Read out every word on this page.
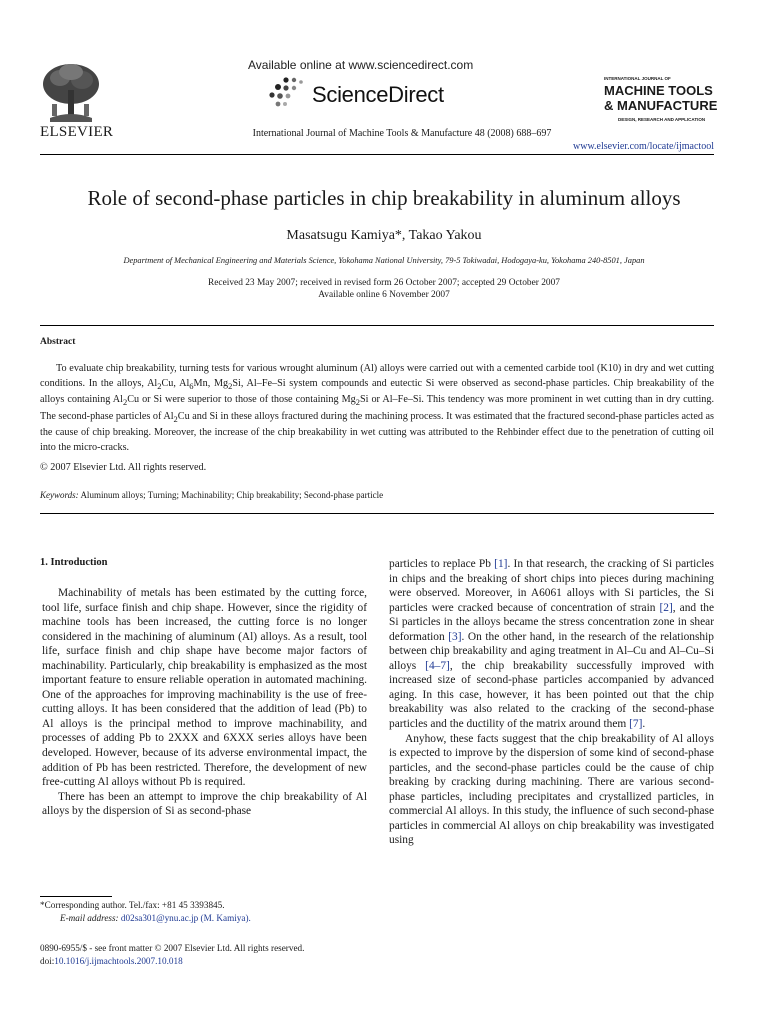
Available online at www.sciencedirect.com
ScienceDirect
ELSEVIER	International Journal of Machine Tools & Manufacture 48 (2008) 688–697
INTERNATIONAL JOURNAL OF
MACHINE TOOLS
& MANUFACTURE
DESIGN, RESEARCH AND APPLICATION
www.elsevier.com/locate/ijmactool
Role of second-phase particles in chip breakability in aluminum alloys
Masatsugu Kamiya*, Takao Yakou
Department of Mechanical Engineering and Materials Science, Yokohama National University, 79-5 Tokiwadai, Hodogaya-ku, Yokohama 240-8501, Japan
Received 23 May 2007; received in revised form 26 October 2007; accepted 29 October 2007
Available online 6 November 2007
Abstract

To evaluate chip breakability, turning tests for various wrought aluminum (Al) alloys were carried out with a cemented carbide tool (K10) in dry and wet cutting conditions. In the alloys, $Al_2Cu$, $Al_6Mn$, $Mg_2Si$, Al–Fe–Si system compounds and eutectic Si were observed as second-phase particles. Chip breakability of the alloys containing $Al_2Cu$ or Si were superior to those of those containing $Mg_2Si$ or Al–Fe–Si. This tendency was more prominent in wet cutting than in dry cutting. The second-phase particles of $Al_2Cu$ and Si in these alloys fractured during the machining process. It was estimated that the fractured second-phase particles acted as the cause of chip breaking. Moreover, the increase of the chip breakability in wet cutting was attributed to the Rehbinder effect due to the penetration of cutting oil into the micro-cracks.

© 2007 Elsevier Ltd. All rights reserved.
Keywords: Aluminum alloys; Turning; Machinability; Chip breakability; Second-phase particle
1. Introduction

Machinability of metals has been estimated by the cutting force, tool life, surface finish and chip shape. However, since the rigidity of machine tools has been increased, the cutting force is no longer considered in the machining of aluminum (Al) alloys. As a result, tool life, surface finish and chip shape have become major factors of machinability. Particularly, chip breakability is emphasized as the most important feature to ensure reliable operation in automated machining. One of the approaches for improving machinability is the use of free-cutting alloys. It has been considered that the addition of lead (Pb) to Al alloys is the principal method to improve machinability, and processes of adding Pb to 2XXX and 6XXX series alloys have been developed. However, because of its adverse environmental impact, the addition of Pb has been restricted. Therefore, the development of new free-cutting Al alloys without Pb is required.

There has been an attempt to improve the chip breakability of Al alloys by the dispersion of Si as second-phase

particles to replace Pb [1]. In that research, the cracking of Si particles in chips and the breaking of short chips into pieces during machining were observed. Moreover, in A6061 alloys with Si particles, the Si particles were cracked because of concentration of strain [2], and the Si particles in the alloys became the stress concentration zone in shear deformation [3]. On the other hand, in the research of the relationship between chip breakability and aging treatment in Al–Cu and Al–Cu–Si alloys [4–7], the chip breakability successfully improved with increased size of second-phase particles accompanied by advanced aging. In this case, however, it has been pointed out that the chip breakability was also related to the cracking of the second-phase particles and the ductility of the matrix around them [7].

Anyhow, these facts suggest that the chip breakability of Al alloys is expected to improve by the dispersion of some kind of second-phase particles, and the second-phase particles could be the cause of chip breaking by cracking during machining. There are various second-phase particles, including precipitates and crystallized particles, in commercial Al alloys. In this study, the influence of such second-phase particles in commercial Al alloys on chip breakability was investigated using

*Corresponding author. Tel./fax: +81 45 3393845.
E-mail address: d02sa301@ynu.ac.jp (M. Kamiya).
0890-6955/$ - see front matter © 2007 Elsevier Ltd. All rights reserved.
doi:10.1016/j.ijmachtools.2007.10.018
